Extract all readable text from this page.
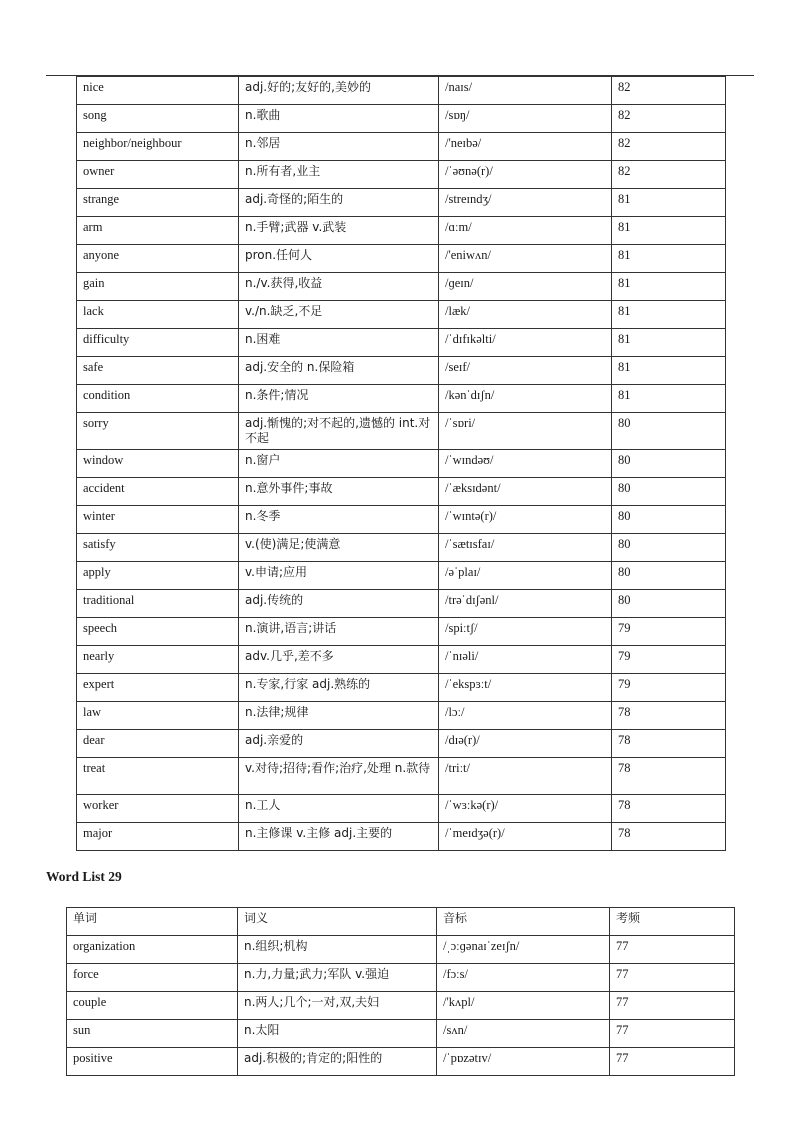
nice	adj.好的;友好的,美妙的	/naɪs/	82
song	n.歌曲	/sɒŋ/	82
neighbor/neighbour	n.邻居	/'neɪbə/	82
owner	n.所有者,业主	/ˈəʊnə(r)/	82
strange	adj.奇怪的;陌生的	/streɪndʒ/	81
arm	n.手臂;武器 v.武装	/ɑːm/	81
anyone	pron.任何人	/'eniwʌn/	81
gain	n./v.获得,收益	/ɡeɪn/	81
lack	v./n.缺乏,不足	/læk/	81
difficulty	n.困难	/ˈdɪfɪkəlti/	81
safe	adj.安全的 n.保险箱	/seɪf/	81
condition	n.条件;情况	/kənˈdɪʃn/	81
sorry	adj.惭愧的;对不起的,遗憾的 int.对不起	/ˈsɒri/	80
window	n.窗户	/ˈwɪndəʊ/	80
accident	n.意外事件;事故	/ˈæksɪdənt/	80
winter	n.冬季	/ˈwɪntə(r)/	80
satisfy	v.(使)满足;使满意	/ˈsætɪsfaɪ/	80
apply	v.申请;应用	/əˈplaɪ/	80
traditional	adj.传统的	/trəˈdɪʃənl/	80
speech	n.演讲,语言;讲话	/spiːtʃ/	79
nearly	adv.几乎,差不多	/ˈnɪəli/	79
expert	n.专家,行家 adj.熟练的	/ˈekspɜːt/	79
law	n.法律;规律	/lɔː/	78
dear	adj.亲爱的	/dɪə(r)/	78
treat	v.对待;招待;看作;治疗,处理 n.款待	/triːt/	78
worker	n.工人	/ˈwɜːkə(r)/	78
major	n.主修课 v.主修 adj.主要的	/ˈmeɪdʒə(r)/	78
Word List 29
单词	词义	音标	考频
organization	n.组织;机构	/ˌɔːɡənaɪˈzeɪʃn/	77
force	n.力,力量;武力;军队 v.强迫	/fɔːs/	77
couple	n.两人;几个;一对,双,夫妇	/'kʌpl/	77
sun	n.太阳	/sʌn/	77
positive	adj.积极的;肯定的;阳性的	/ˈpɒzətɪv/	77
